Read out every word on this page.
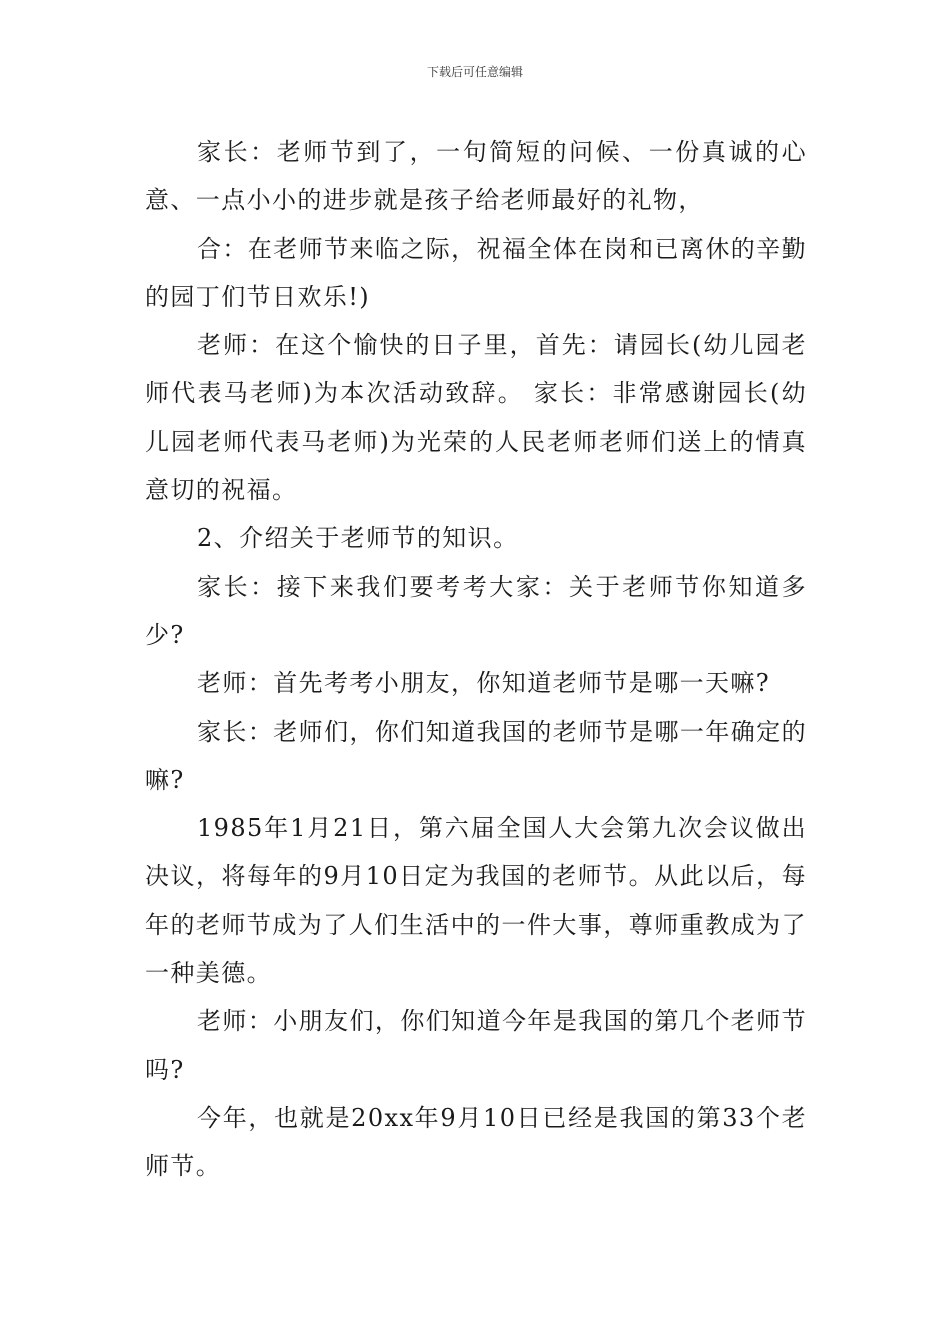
下载后可任意编辑

家长：老师节到了，一句简短的问候、一份真诚的心意、一点小小的进步就是孩子给老师最好的礼物，

合：在老师节来临之际，祝福全体在岗和已离休的辛勤的园丁们节日欢乐!)

老师：在这个愉快的日子里，首先：请园长(幼儿园老师代表马老师)为本次活动致辞。 家长：非常感谢园长(幼儿园老师代表马老师)为光荣的人民老师老师们送上的情真意切的祝福。

2、介绍关于老师节的知识。

家长：接下来我们要考考大家：关于老师节你知道多少?

老师：首先考考小朋友，你知道老师节是哪一天嘛?

家长：老师们，你们知道我国的老师节是哪一年确定的嘛?

1985年1月21日，第六届全国人大会第九次会议做出决议，将每年的9月10日定为我国的老师节。从此以后，每年的老师节成为了人们生活中的一件大事，尊师重教成为了一种美德。

老师：小朋友们，你们知道今年是我国的第几个老师节吗?

今年，也就是20xx年9月10日已经是我国的第33个老师节。
